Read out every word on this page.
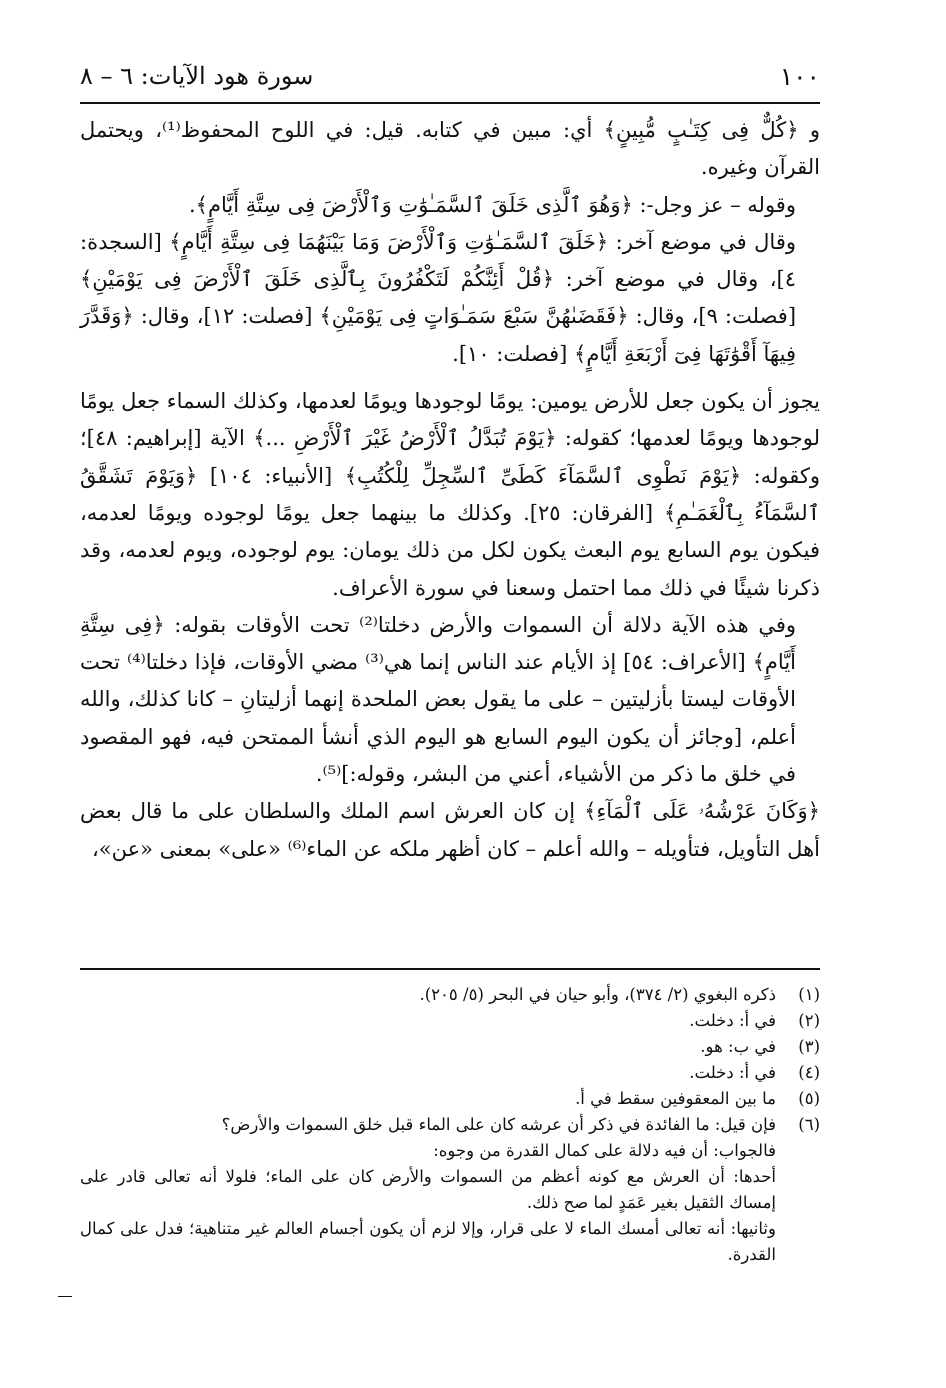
١٠٠
سورة هود الآيات: ٦ – ٨

و ﴿كُلٌّ فِى كِتَـٰبٍ مُّبِينٍ﴾ أي: مبين في كتابه. قيل: في اللوح المحفوظ⁽¹⁾، ويحتمل القرآن وغيره.

وقوله – عز وجل-: ﴿وَهُوَ ٱلَّذِى خَلَقَ ٱلسَّمَـٰوَٰتِ وَٱلْأَرْضَ فِى سِتَّةِ أَيَّامٍ﴾.

وقال في موضع آخر: ﴿خَلَقَ ٱلسَّمَـٰوَٰتِ وَٱلْأَرْضَ وَمَا بَيْنَهُمَا فِى سِتَّةِ أَيَّامٍ﴾ [السجدة: ٤]، وقال في موضع آخر: ﴿قُلْ أَئِنَّكُمْ لَتَكْفُرُونَ بِٱلَّذِى خَلَقَ ٱلْأَرْضَ فِى يَوْمَيْنِ﴾ [فصلت: ٩]، وقال: ﴿فَقَضَىٰهُنَّ سَبْعَ سَمَـٰوَاتٍ فِى يَوْمَيْنِ﴾ [فصلت: ١٢]، وقال: ﴿وَقَدَّرَ فِيهَآ أَقْوَٰتَهَا فِىٓ أَرْبَعَةِ أَيَّامٍ﴾ [فصلت: ١٠].

يجوز أن يكون جعل للأرض يومين: يومًا لوجودها ويومًا لعدمها، وكذلك السماء جعل يومًا لوجودها ويومًا لعدمها؛ كقوله: ﴿يَوْمَ تُبَدَّلُ ٱلْأَرْضُ غَيْرَ ٱلْأَرْضِ ...﴾ الآية [إبراهيم: ٤٨]؛ وكقوله: ﴿يَوْمَ نَطْوِى ٱلسَّمَآءَ كَطَىِّ ٱلسِّجِلِّ لِلْكُتُبِ﴾ [الأنبياء: ١٠٤] ﴿وَيَوْمَ تَشَقَّقُ ٱلسَّمَآءُ بِٱلْغَمَـٰمِ﴾ [الفرقان: ٢٥]. وكذلك ما بينهما جعل يومًا لوجوده ويومًا لعدمه، فيكون يوم السابع يوم البعث يكون لكل من ذلك يومان: يوم لوجوده، ويوم لعدمه، وقد ذكرنا شيئًا في ذلك مما احتمل وسعنا في سورة الأعراف.

وفي هذه الآية دلالة أن السموات والأرض دخلتا⁽²⁾ تحت الأوقات بقوله: ﴿فِى سِتَّةِ أَيَّامٍ﴾ [الأعراف: ٥٤] إذ الأيام عند الناس إنما هي⁽³⁾ مضي الأوقات، فإذا دخلتا⁽⁴⁾ تحت الأوقات ليستا بأزليتين – على ما يقول بعض الملحدة إنهما أزليتانِ – كانا كذلك، والله أعلم، [وجائز أن يكون اليوم السابع هو اليوم الذي أنشأ الممتحن فيه، فهو المقصود في خلق ما ذكر من الأشياء، أعني من البشر، وقوله:]⁽⁵⁾.

﴿وَكَانَ عَرْشُهُۥ عَلَى ٱلْمَآءِ﴾ إن كان العرش اسم الملك والسلطان على ما قال بعض أهل التأويل، فتأويله – والله أعلم – كان أظهر ملكه عن الماء⁽⁶⁾ «على» بمعنى «عن»،

(١)
ذكره البغوي (٢/ ٣٧٤)، وأبو حيان في البحر (٥/ ٢٠٥).
(٢)
في أ: دخلت.
(٣)
في ب: هو.
(٤)
في أ: دخلت.
(٥)
ما بين المعقوفين سقط في أ.
(٦)
فإن قيل: ما الفائدة في ذكر أن عرشه كان على الماء قبل خلق السموات والأرض؟
فالجواب: أن فيه دلالة على كمال القدرة من وجوه:
أحدها: أن العرش مع كونه أعظم من السموات والأرض كان على الماء؛ فلولا أنه تعالى قادر على إمساك الثقيل بغير عَمَدٍ لما صح ذلك.
وثانيها: أنه تعالى أمسك الماء لا على قرار، وإلا لزم أن يكون أجسام العالم غير متناهية؛ فدل على كمال القدرة.
